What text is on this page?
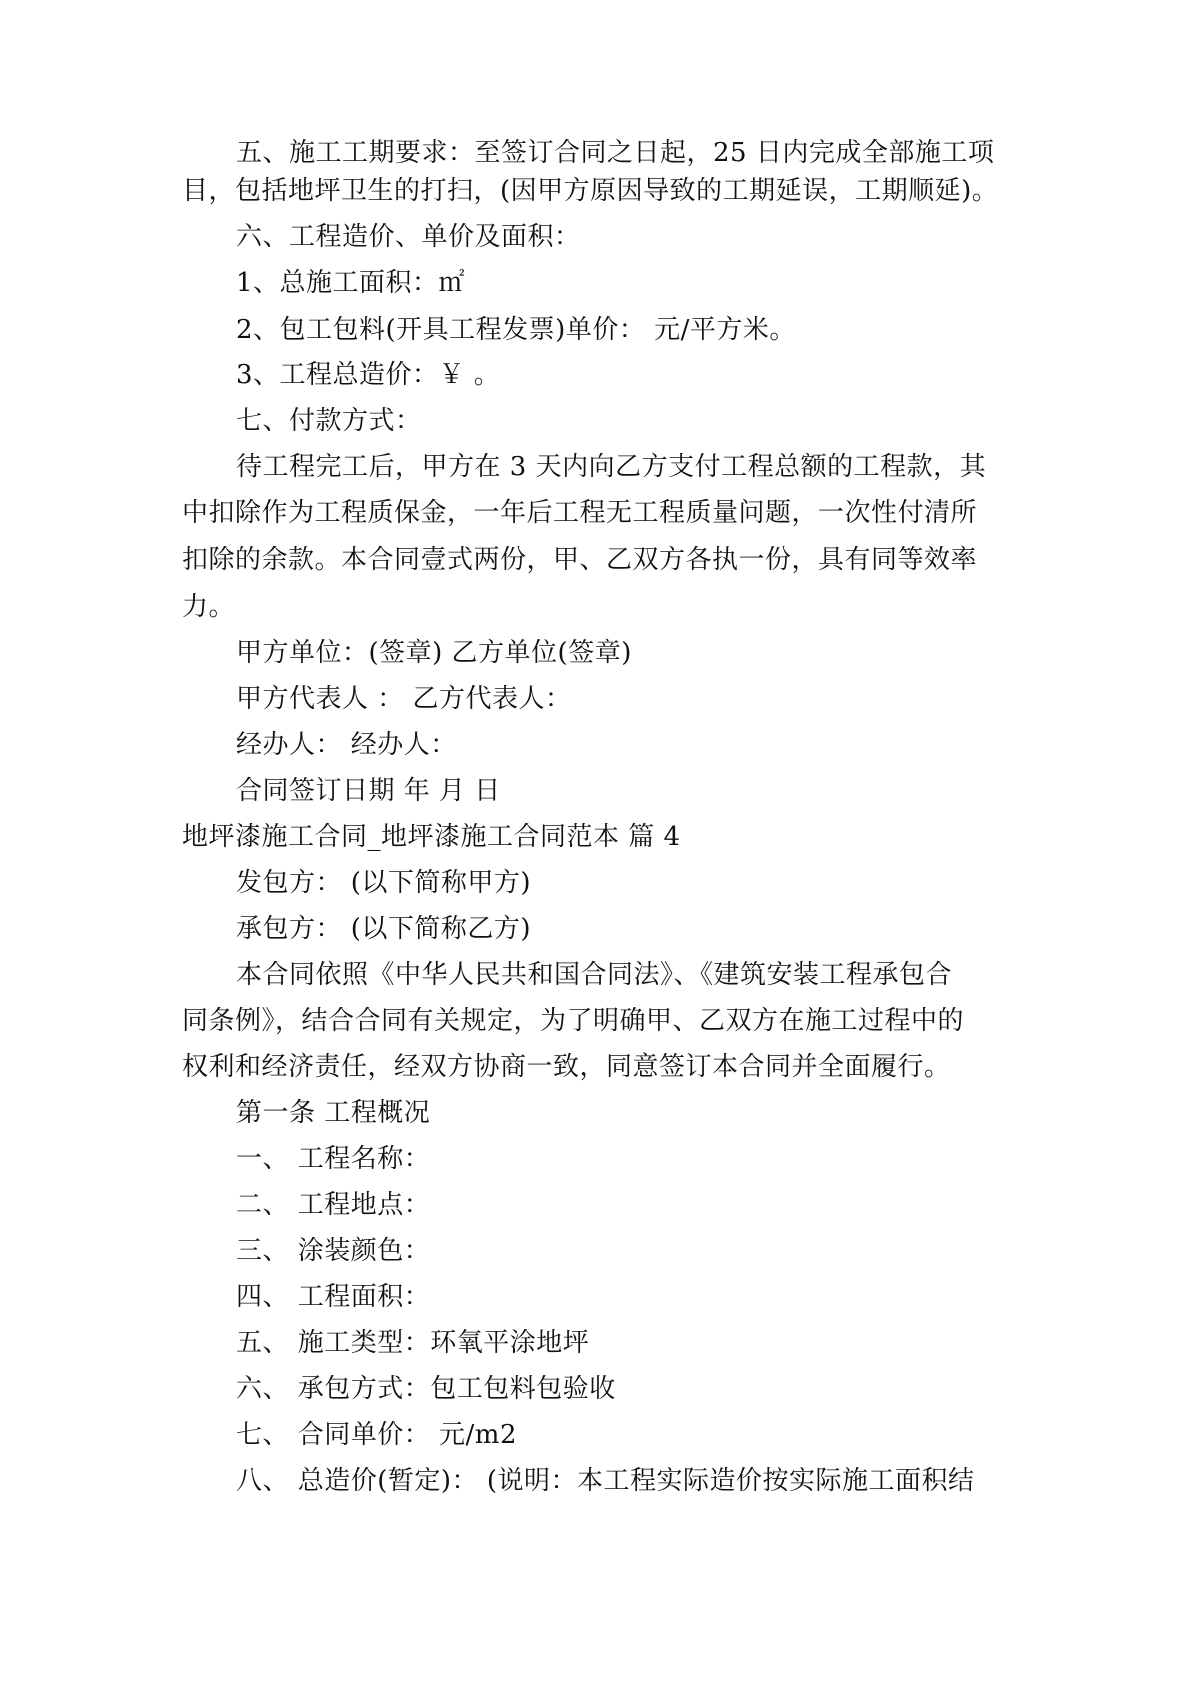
五、施工工期要求：至签订合同之日起，25 日内完成全部施工项
目，包括地坪卫生的打扫，(因甲方原因导致的工期延误，工期顺延)。
六、工程造价、单价及面积：
1、总施工面积：㎡
2、包工包料(开具工程发票)单价： 元/平方米。
3、工程总造价：￥ 。
七、付款方式：
待工程完工后，甲方在 3 天内向乙方支付工程总额的工程款，其
中扣除作为工程质保金，一年后工程无工程质量问题，一次性付清所
扣除的余款。本合同壹式两份，甲、乙双方各执一份，具有同等效率
力。
甲方单位：(签章) 乙方单位(签章)
甲方代表人 ： 乙方代表人：
经办人： 经办人：
合同签订日期 年 月 日
地坪漆施工合同_地坪漆施工合同范本 篇 4
发包方： (以下简称甲方)
承包方： (以下简称乙方)
本合同依照《中华人民共和国合同法》、《建筑安装工程承包合
同条例》，结合合同有关规定，为了明确甲、乙双方在施工过程中的
权利和经济责任，经双方协商一致，同意签订本合同并全面履行。
第一条 工程概况
一、 工程名称：
二、 工程地点：
三、 涂装颜色：
四、 工程面积：
五、 施工类型：环氧平涂地坪
六、 承包方式：包工包料包验收
七、 合同单价： 元/m2
八、 总造价(暂定)： (说明：本工程实际造价按实际施工面积结
